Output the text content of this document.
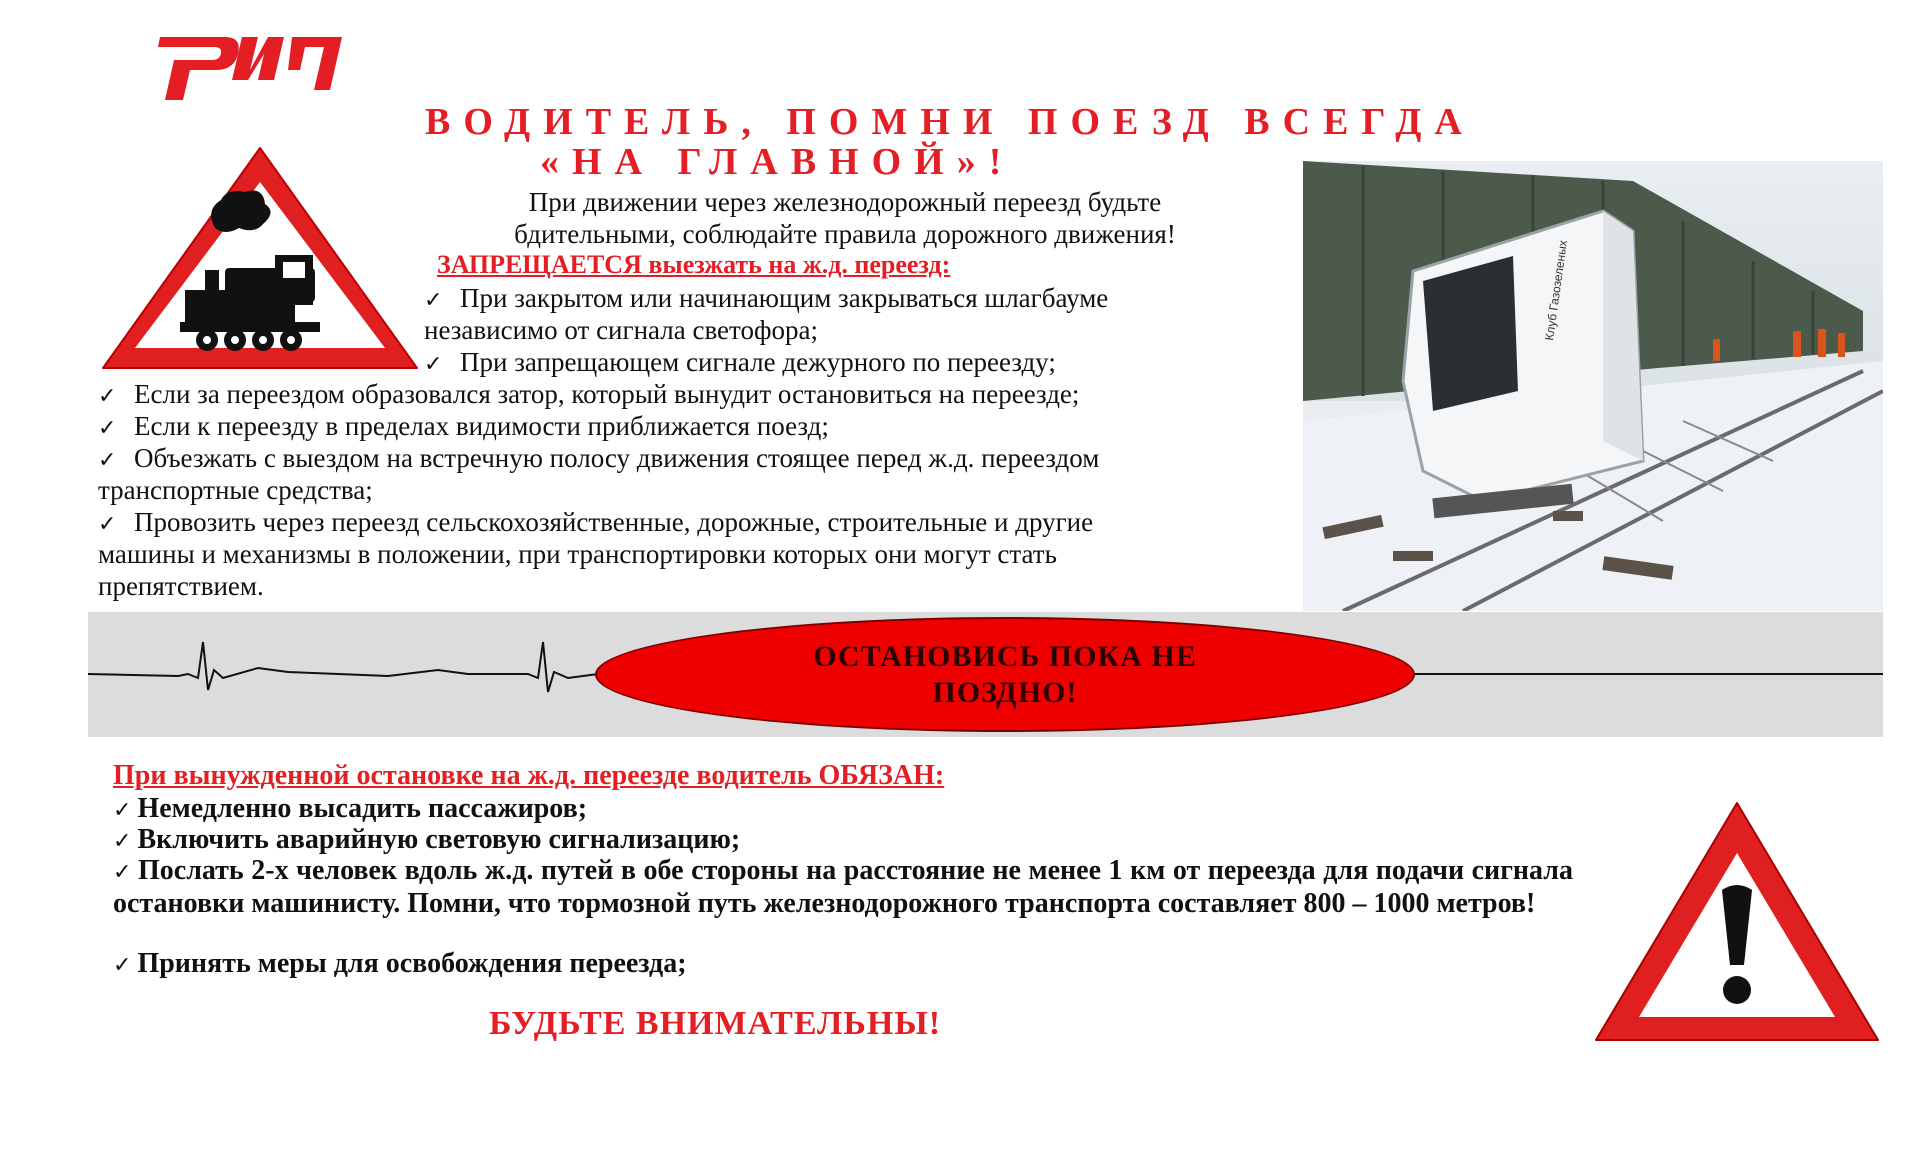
ВОДИТЕЛЬ, ПОМНИ ПОЕЗД ВСЕГДА
«НА ГЛАВНОЙ»!
Клуб Газозеленых
При движении через железнодорожный переезд будьте
бдительными, соблюдайте правила дорожного движения!
ЗАПРЕЩАЕТСЯ выезжать на ж.д. переезд:
✓ При закрытом или начинающим закрываться шлагбауме
независимо от сигнала светофора;
✓ При запрещающем сигнале дежурного по переезду;
✓ Если за переездом образовался затор, который вынудит остановиться на переезде;
✓ Если к переезду в пределах видимости приближается поезд;
✓ Объезжать с выездом на встречную полосу движения стоящее перед ж.д. переездом
транспортные средства;
✓ Провозить через переезд сельскохозяйственные, дорожные, строительные и другие
машины и механизмы в положении, при транспортировки которых они могут стать
препятствием.
ОСТАНОВИСЬ ПОКА НЕ
ПОЗДНО!
При вынужденной остановке на ж.д. переезде водитель ОБЯЗАН:
✓ Немедленно высадить пассажиров;
✓ Включить аварийную световую сигнализацию;
✓ Послать 2-х человек вдоль ж.д. путей в обе стороны на расстояние не менее 1 км от переезда для подачи сигнала остановки машинисту. Помни, что тормозной путь железнодорожного транспорта составляет 800 – 1000 метров!
✓ Принять меры для освобождения переезда;
БУДЬТЕ ВНИМАТЕЛЬНЫ!
